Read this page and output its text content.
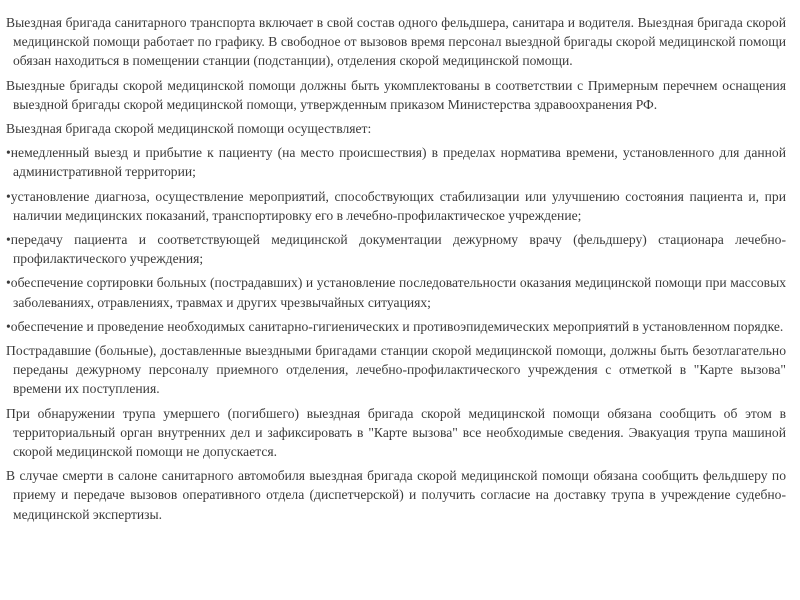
Выездная бригада санитарного транспорта включает в свой состав одного фельдшера, санитара и водителя. Выездная бригада скорой медицинской помощи работает по графику. В свободное от вызовов время персонал выездной бригады скорой медицинской помощи обязан находиться в помещении станции (подстанции), отделения скорой медицинской помощи.

Выездные бригады скорой медицинской помощи должны быть укомплектованы в соответствии с Примерным перечнем оснащения выездной бригады скорой медицинской помощи, утвержденным приказом Министерства здравоохранения РФ.

Выездная бригада скорой медицинской помощи осуществляет:

•немедленный выезд и прибытие к пациенту (на место происшествия) в пределах норматива времени, установленного для данной административной территории;

•установление диагноза, осуществление мероприятий, способствующих стабилизации или улучшению состояния пациента и, при наличии медицинских показаний, транспортировку его в лечебно-профилактическое учреждение;

•передачу пациента и соответствующей медицинской документации дежурному врачу (фельдшеру) стационара лечебно-профилактического учреждения;

•обеспечение сортировки больных (пострадавших) и установление последовательности оказания медицинской помощи при массовых заболеваниях, отравлениях, травмах и других чрезвычайных ситуациях;

•обеспечение и проведение необходимых санитарно-гигиенических и противоэпидемических мероприятий в установленном порядке.

Пострадавшие (больные), доставленные выездными бригадами станции скорой медицинской помощи, должны быть безотлагательно переданы дежурному персоналу приемного отделения, лечебно-профилактического учреждения с отметкой в "Карте вызова" времени их поступления.

При обнаружении трупа умершего (погибшего) выездная бригада скорой медицинской помощи обязана сообщить об этом в территориальный орган внутренних дел и зафиксировать в "Карте вызова" все необходимые сведения. Эвакуация трупа машиной скорой медицинской помощи не допускается.

В случае смерти в салоне санитарного автомобиля выездная бригада скорой медицинской помощи обязана сообщить фельдшеру по приему и передаче вызовов оперативного отдела (диспетчерской) и получить согласие на доставку трупа в учреждение судебно-медицинской экспертизы.
